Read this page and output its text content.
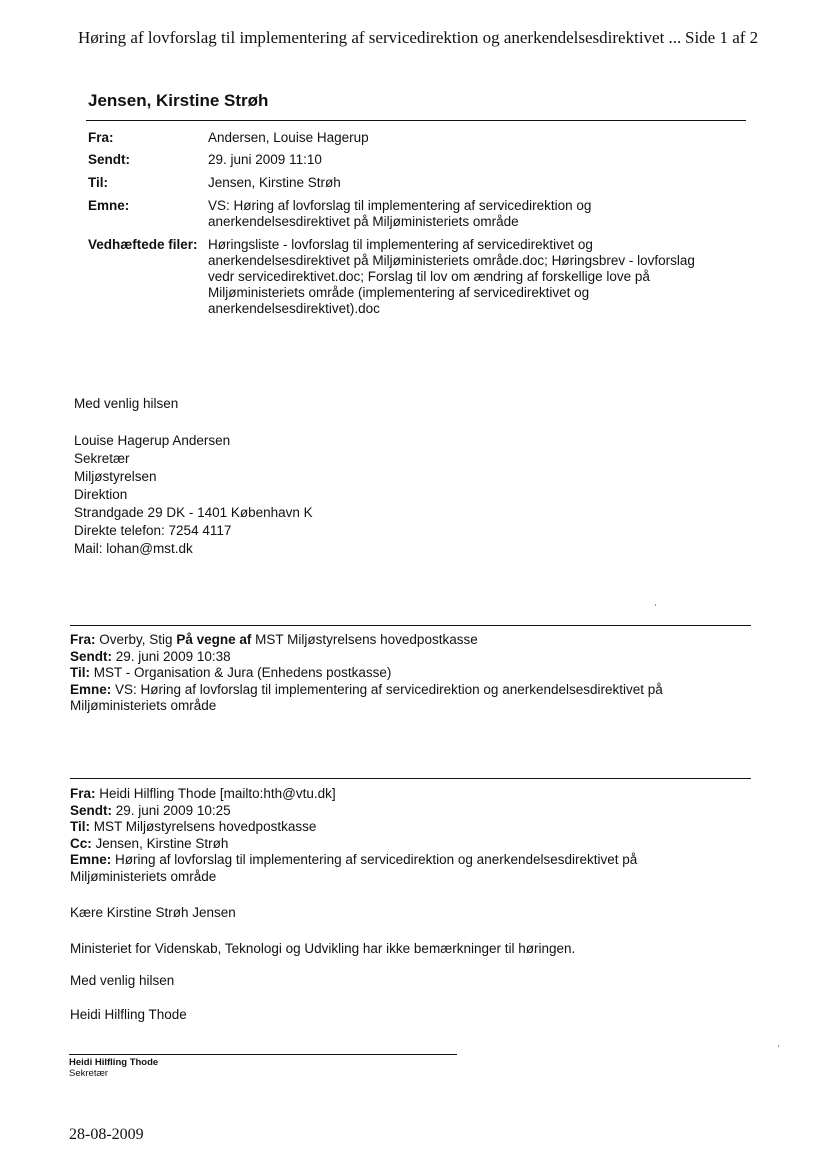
Høring af lovforslag til implementering af servicedirektion og anerkendelsesdirektivet ... Side 1 af 2
Jensen, Kirstine Strøh
Fra:	Andersen, Louise Hagerup
Sendt:	29. juni 2009 11:10
Til:	Jensen, Kirstine Strøh
Emne:	VS: Høring af lovforslag til implementering af servicedirektion og
anerkendelsesdirektivet på Miljøministeriets område
Vedhæftede filer: Høringsliste - lovforslag til implementering af servicedirektivet og
anerkendelsesdirektivet på Miljøministeriets område.doc; Høringsbrev - lovforslag
vedr servicedirektivet.doc; Forslag til lov om ændring af forskellige love på
Miljøministeriets område (implementering af servicedirektivet og
anerkendelsesdirektivet).doc
Med venlig hilsen
Louise Hagerup Andersen
Sekretær
Miljøstyrelsen
Direktion
Strandgade 29 DK - 1401 København K
Direkte telefon: 7254 4117
Mail: lohan@mst.dk
Fra: Overby, Stig På vegne af MST Miljøstyrelsens hovedpostkasse
Sendt: 29. juni 2009 10:38
Til: MST - Organisation & Jura (Enhedens postkasse)
Emne: VS: Høring af lovforslag til implementering af servicedirektion og anerkendelsesdirektivet på
Miljøministeriets område
Fra: Heidi Hilfling Thode [mailto:hth@vtu.dk]
Sendt: 29. juni 2009 10:25
Til: MST Miljøstyrelsens hovedpostkasse
Cc: Jensen, Kirstine Strøh
Emne: Høring af lovforslag til implementering af servicedirektion og anerkendelsesdirektivet på
Miljøministeriets område
Kære Kirstine Strøh Jensen
Ministeriet for Videnskab, Teknologi og Udvikling har ikke bemærkninger til høringen.
Med venlig hilsen
Heidi Hilfling Thode
Heidi Hilfling Thode
Sekretær
28-08-2009
